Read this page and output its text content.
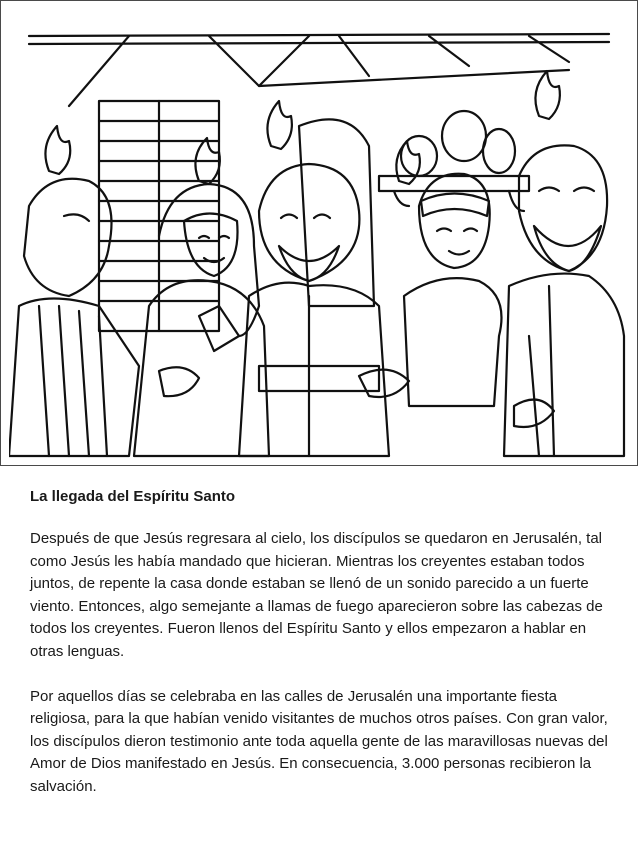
La llegada del Espíritu Santo

Después de que Jesús regresara al cielo, los discípulos se quedaron en Jerusalén, tal como Jesús les había mandado que hicieran. Mientras los creyentes estaban todos juntos, de repente la casa donde estaban se llenó de un sonido parecido a un fuerte viento. Entonces, algo semejante a llamas de fuego aparecieron sobre las cabezas de todos los creyentes. Fueron llenos del Espíritu Santo y ellos empezaron a hablar en otras lenguas.

Por aquellos días se celebraba en las calles de Jerusalén una importante fiesta religiosa, para la que habían venido visitantes de muchos otros países. Con gran valor, los discípulos dieron testimonio ante toda aquella gente de las maravillosas nuevas del Amor de Dios manifestado en Jesús. En consecuencia, 3.000 personas recibieron la salvación.
